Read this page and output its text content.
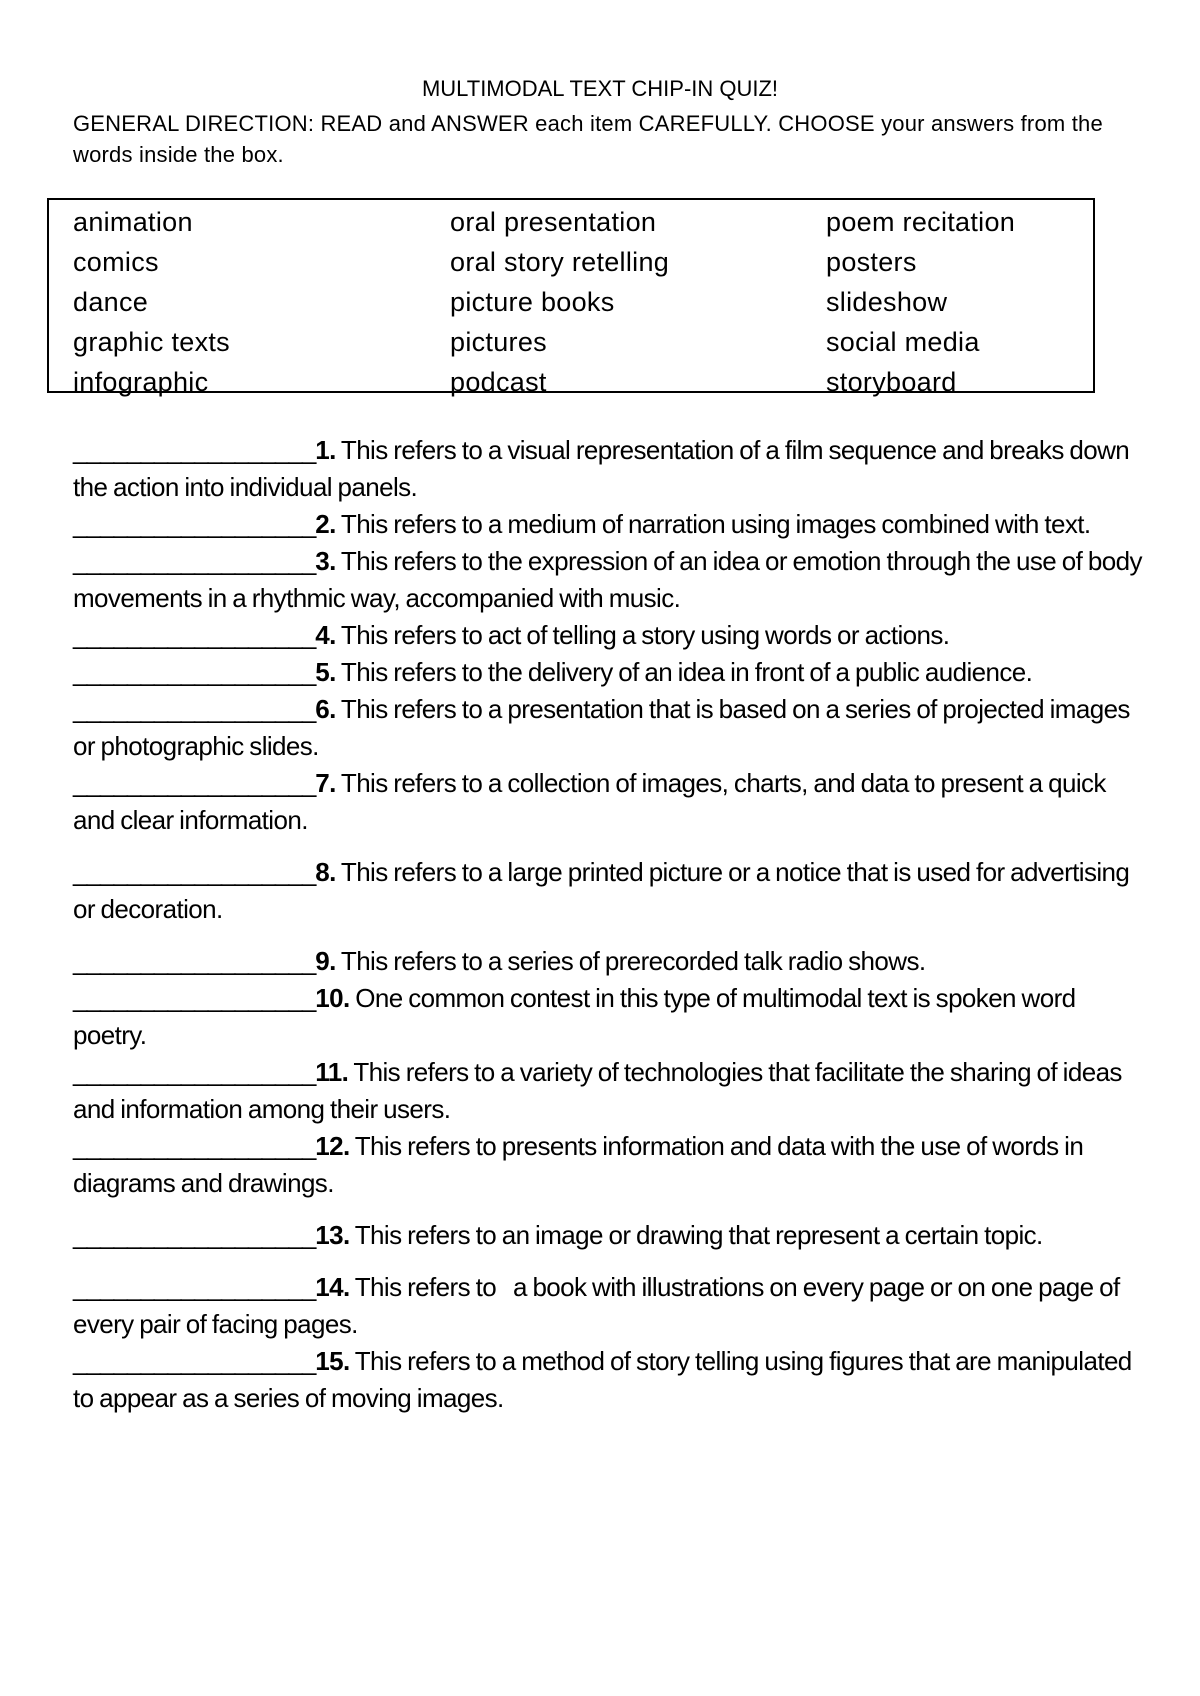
MULTIMODAL TEXT CHIP-IN QUIZ!
GENERAL DIRECTION: READ and ANSWER each item CAREFULLY. CHOOSE your answers from the words inside the box.
animation
comics
dance
graphic texts
infographic
oral presentation
oral story retelling
picture books
pictures
podcast
poem recitation
posters
slideshow
social media
storyboard

__________________1. This refers to a visual representation of a film sequence and breaks down the action into individual panels.

__________________2. This refers to a medium of narration using images combined with text.

__________________3. This refers to the expression of an idea or emotion through the use of body movements in a rhythmic way, accompanied with music.

__________________4. This refers to act of telling a story using words or actions.

__________________5. This refers to the delivery of an idea in front of a public audience.

__________________6. This refers to a presentation that is based on a series of projected images or photographic slides.

__________________7. This refers to a collection of images, charts, and data to present a quick and clear information.

__________________8. This refers to a large printed picture or a notice that is used for advertising or decoration.

__________________9. This refers to a series of prerecorded talk radio shows.

__________________10. One common contest in this type of multimodal text is spoken word poetry.

__________________11. This refers to a variety of technologies that facilitate the sharing of ideas and information among their users.

__________________12. This refers to presents information and data with the use of words in diagrams and drawings.

__________________13. This refers to an image or drawing that represent a certain topic.

__________________14. This refers to   a book with illustrations on every page or on one page of every pair of facing pages.

__________________15. This refers to a method of story telling using figures that are manipulated to appear as a series of moving images.
